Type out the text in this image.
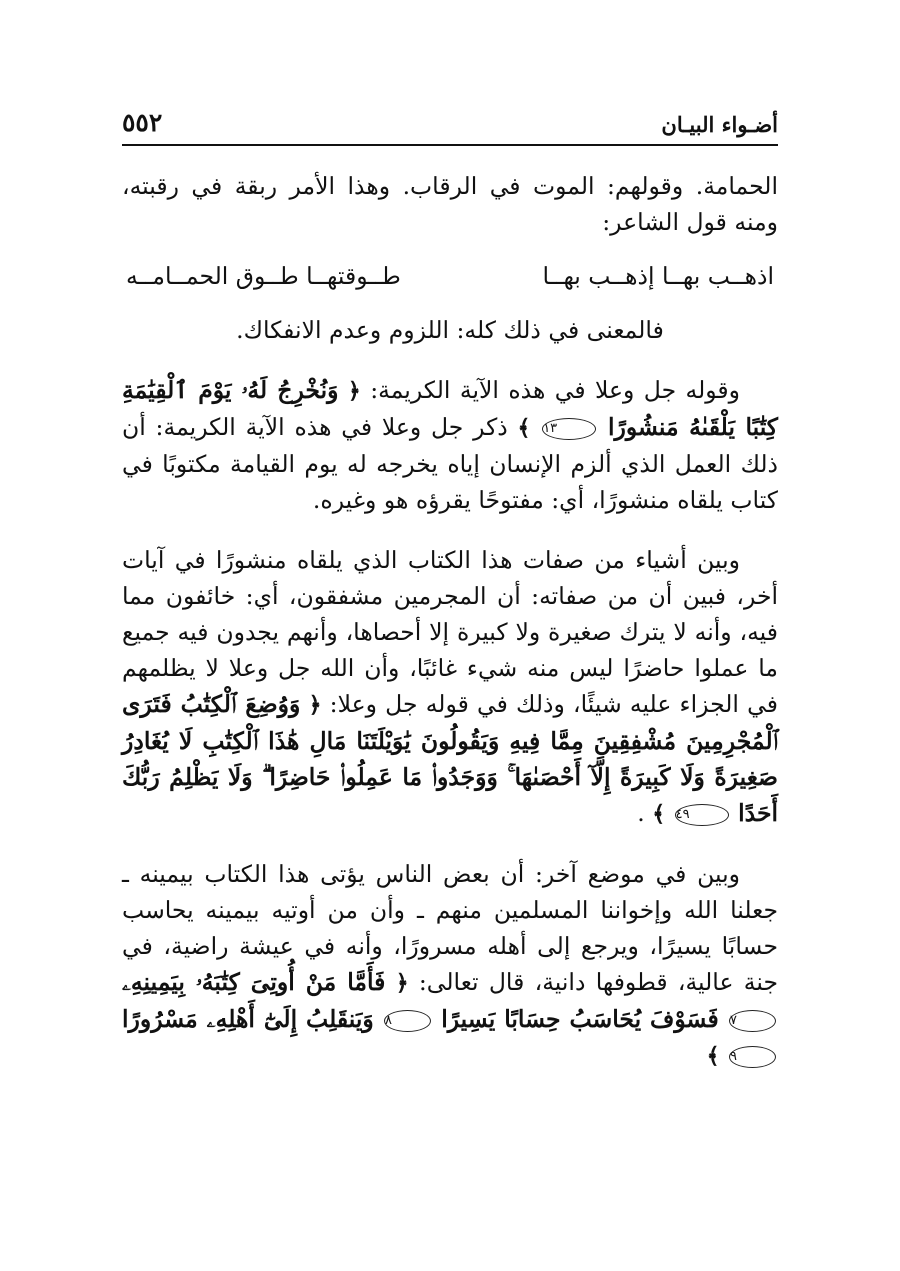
أضـواء البيـان
٥٥٢

الحمامة. وقولهم: الموت في الرقاب. وهذا الأمر ربقة في رقبته، ومنه قول الشاعر:

اذهــب بهــا إذهــب بهــا
طــوقتهــا طــوق الحمــامــه

فالمعنى في ذلك كله: اللزوم وعدم الانفكاك.

وقوله جل وعلا في هذه الآية الكريمة: ﴿ وَنُخْرِجُ لَهُۥ يَوْمَ ٱلْقِيَٰمَةِ كِتَٰبًا يَلْقَىٰهُ مَنشُورًا ١٣ ﴾ ذكر جل وعلا في هذه الآية الكريمة: أن ذلك العمل الذي ألزم الإنسان إياه يخرجه له يوم القيامة مكتوبًا في كتاب يلقاه منشورًا، أي: مفتوحًا يقرؤه هو وغيره.

وبين أشياء من صفات هذا الكتاب الذي يلقاه منشورًا في آيات أخر، فبين أن من صفاته: أن المجرمين مشفقون، أي: خائفون مما فيه، وأنه لا يترك صغيرة ولا كبيرة إلا أحصاها، وأنهم يجدون فيه جميع ما عملوا حاضرًا ليس منه شيء غائبًا، وأن الله جل وعلا لا يظلمهم في الجزاء عليه شيئًا، وذلك في قوله جل وعلا: ﴿ وَوُضِعَ ٱلْكِتَٰبُ فَتَرَى ٱلْمُجْرِمِينَ مُشْفِقِينَ مِمَّا فِيهِ وَيَقُولُونَ يَٰوَيْلَتَنَا مَالِ هَٰذَا ٱلْكِتَٰبِ لَا يُغَادِرُ صَغِيرَةً وَلَا كَبِيرَةً إِلَّآ أَحْصَىٰهَا ۚ وَوَجَدُوا۟ مَا عَمِلُوا۟ حَاضِرًا ۗ وَلَا يَظْلِمُ رَبُّكَ أَحَدًا ٤٩ ﴾ .

وبين في موضع آخر: أن بعض الناس يؤتى هذا الكتاب بيمينه ـ جعلنا الله وإخواننا المسلمين منهم ـ وأن من أوتيه بيمينه يحاسب حسابًا يسيرًا، ويرجع إلى أهله مسرورًا، وأنه في عيشة راضية، في جنة عالية، قطوفها دانية، قال تعالى: ﴿ فَأَمَّا مَنْ أُوتِىَ كِتَٰبَهُۥ بِيَمِينِهِۦ ٧ فَسَوْفَ يُحَاسَبُ حِسَابًا يَسِيرًا ٨ وَيَنقَلِبُ إِلَىٰٓ أَهْلِهِۦ مَسْرُورًا ٩ ﴾
